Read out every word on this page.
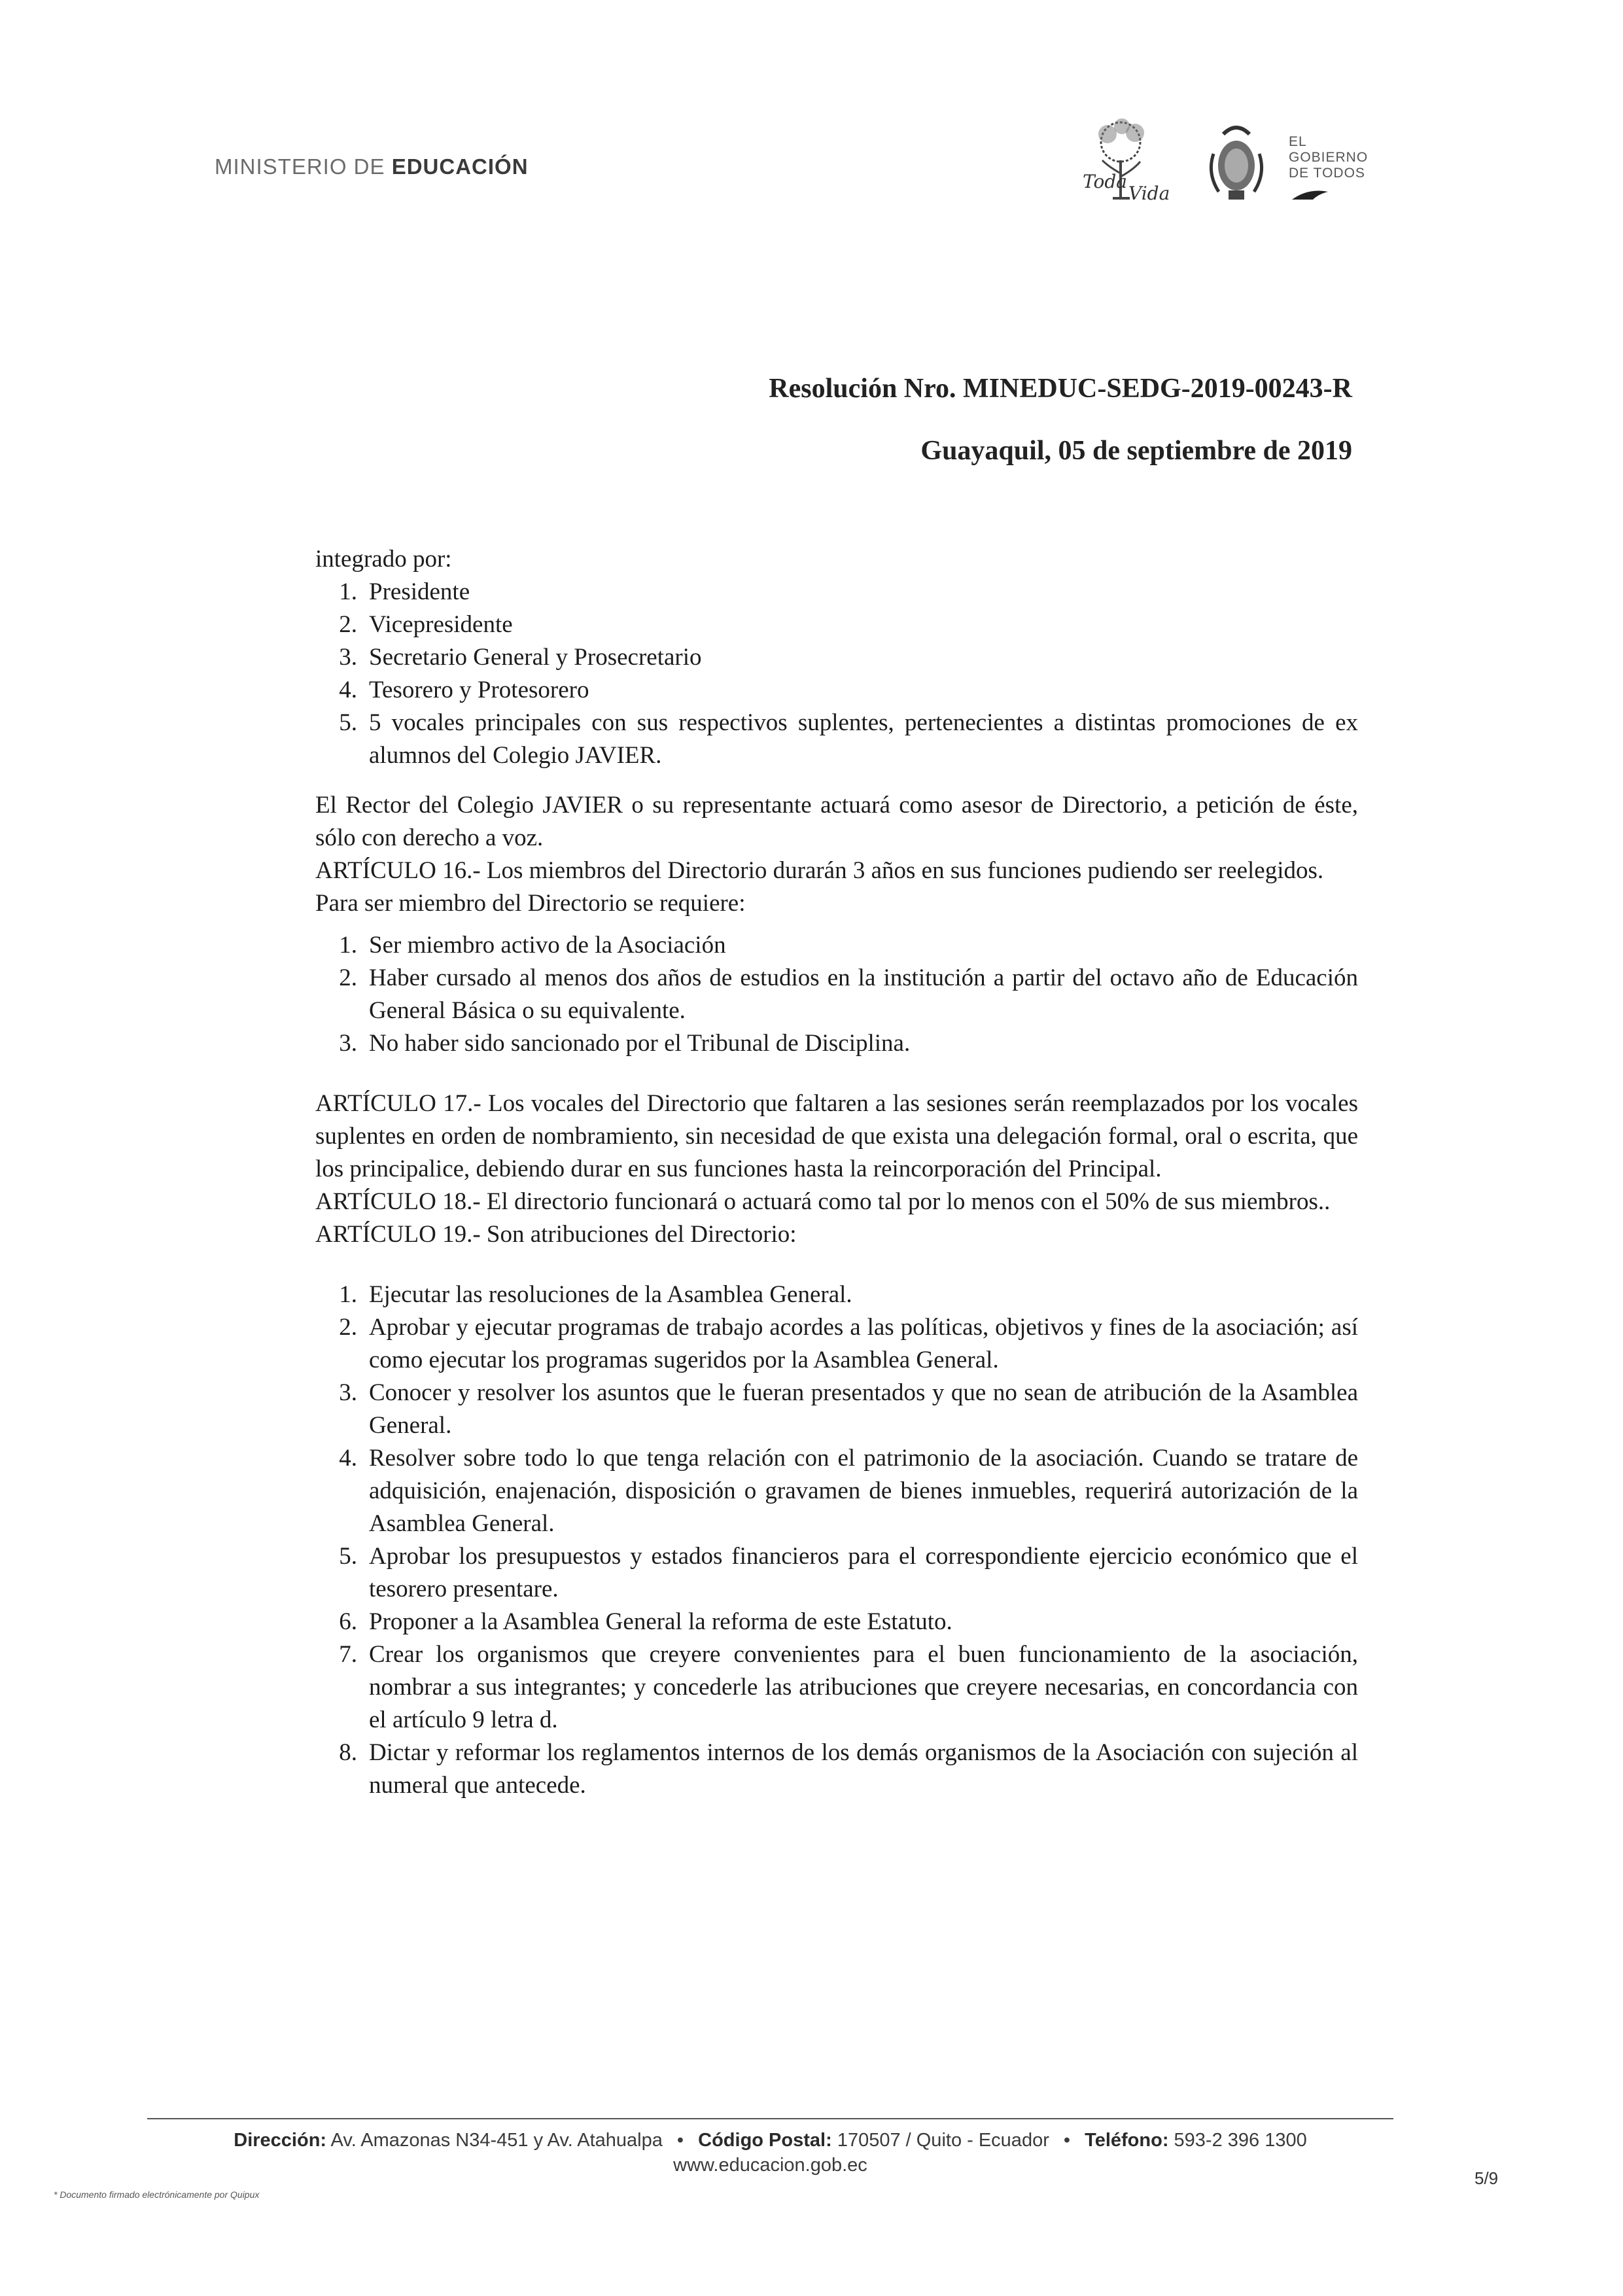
MINISTERIO DE EDUCACIÓN
Toda
Vida
EL
GOBIERNO
DE TODOS
Resolución Nro. MINEDUC-SEDG-2019-00243-R
Guayaquil, 05 de septiembre de 2019

integrado por:

1. Presidente
2. Vicepresidente
3. Secretario General y Prosecretario
4. Tesorero y Protesorero
5. 5 vocales principales con sus respectivos suplentes, pertenecientes a distintas promociones de ex alumnos del Colegio JAVIER.

El Rector del Colegio JAVIER o su representante actuará como asesor de Directorio, a petición de éste, sólo con derecho a voz.

ARTÍCULO 16.- Los miembros del Directorio durarán 3 años en sus funciones pudiendo ser reelegidos.

Para ser miembro del Directorio se requiere:

1. Ser miembro activo de la Asociación
2. Haber cursado al menos dos años de estudios en la institución a partir del octavo año de Educación General Básica o su equivalente.
3. No haber sido sancionado por el Tribunal de Disciplina.

ARTÍCULO 17.- Los vocales del Directorio que faltaren a las sesiones serán reemplazados por los vocales suplentes en orden de nombramiento, sin necesidad de que exista una delegación formal, oral o escrita, que los principalice, debiendo durar en sus funciones hasta la reincorporación del Principal.

ARTÍCULO 18.- El directorio funcionará o actuará como tal por lo menos con el 50% de sus miembros..

ARTÍCULO 19.- Son atribuciones del Directorio:

1. Ejecutar las resoluciones de la Asamblea General.
2. Aprobar y ejecutar programas de trabajo acordes a las políticas, objetivos y fines de la asociación; así como ejecutar los programas sugeridos por la Asamblea General.
3. Conocer y resolver los asuntos que le fueran presentados y que no sean de atribución de la Asamblea General.
4. Resolver sobre todo lo que tenga relación con el patrimonio de la asociación. Cuando se tratare de adquisición, enajenación, disposición o gravamen de bienes inmuebles, requerirá autorización de la Asamblea General.
5. Aprobar los presupuestos y estados financieros para el correspondiente ejercicio económico que el tesorero presentare.
6. Proponer a la Asamblea General la reforma de este Estatuto.
7. Crear los organismos que creyere convenientes para el buen funcionamiento de la asociación, nombrar a sus integrantes; y concederle las atribuciones que creyere necesarias, en concordancia con el artículo 9 letra d.
8. Dictar y reformar los reglamentos internos de los demás organismos de la Asociación con sujeción al numeral que antecede.
Dirección: Av. Amazonas N34-451 y Av. Atahualpa • Código Postal: 170507 / Quito - Ecuador • Teléfono: 593-2 396 1300
www.educacion.gob.ec
* Documento firmado electrónicamente por Quipux
5/9
